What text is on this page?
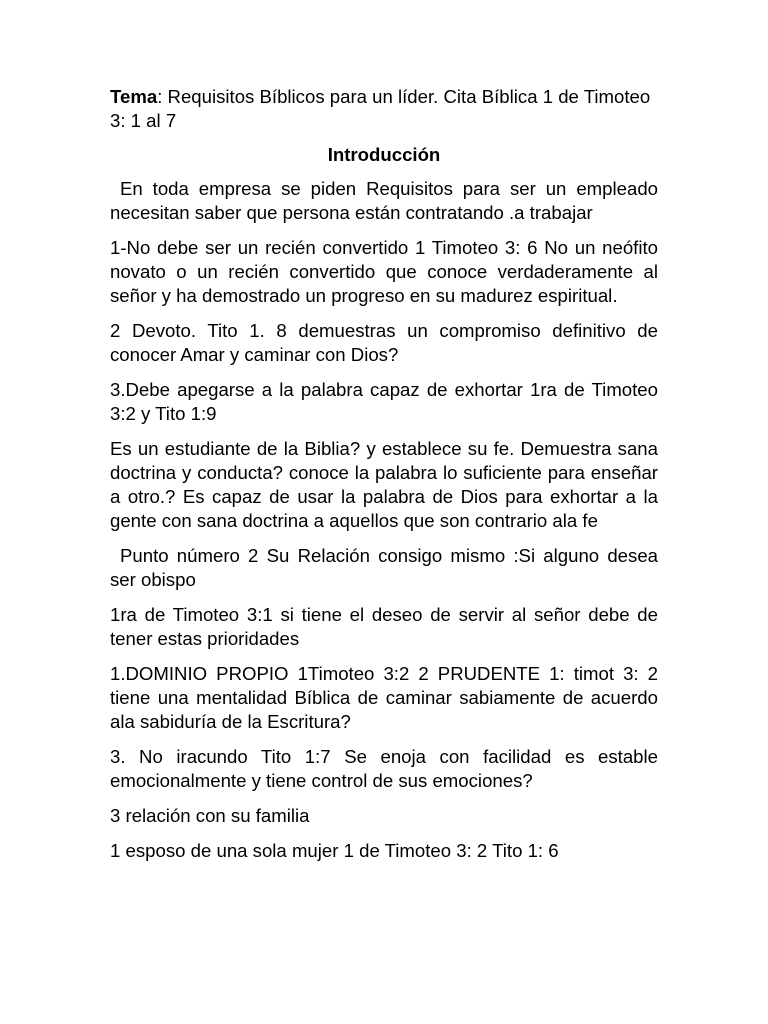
Tema: Requisitos Bíblicos para un líder. Cita Bíblica 1 de Timoteo 3: 1 al 7

Introducción

En toda empresa se piden Requisitos para ser un empleado necesitan saber que persona están contratando .a trabajar

1-No debe ser un recién convertido 1 Timoteo 3: 6 No un neófito novato o un recién convertido que conoce verdaderamente al señor y ha demostrado un progreso en su madurez espiritual.

2 Devoto. Tito 1. 8 demuestras un compromiso definitivo de conocer Amar y caminar con Dios?

3.Debe apegarse a la palabra capaz de exhortar 1ra de Timoteo 3:2 y Tito 1:9

Es un estudiante de la Biblia? y establece su fe. Demuestra sana doctrina y conducta? conoce la palabra lo suficiente para enseñar a otro.? Es capaz de usar la palabra de Dios para exhortar a la gente con sana doctrina a aquellos que son contrario ala fe

Punto número 2 Su Relación consigo mismo :Si alguno desea ser obispo

1ra de Timoteo 3:1 si tiene el deseo de servir al señor debe de tener estas prioridades

1.DOMINIO PROPIO 1Timoteo 3:2 2 PRUDENTE 1: timot 3: 2 tiene una mentalidad Bíblica de caminar sabiamente de acuerdo ala sabiduría de la Escritura?

3. No iracundo Tito 1:7 Se enoja con facilidad es estable emocionalmente y tiene control de sus emociones?

3 relación con su familia

1 esposo de una sola mujer 1 de Timoteo 3: 2 Tito 1: 6
